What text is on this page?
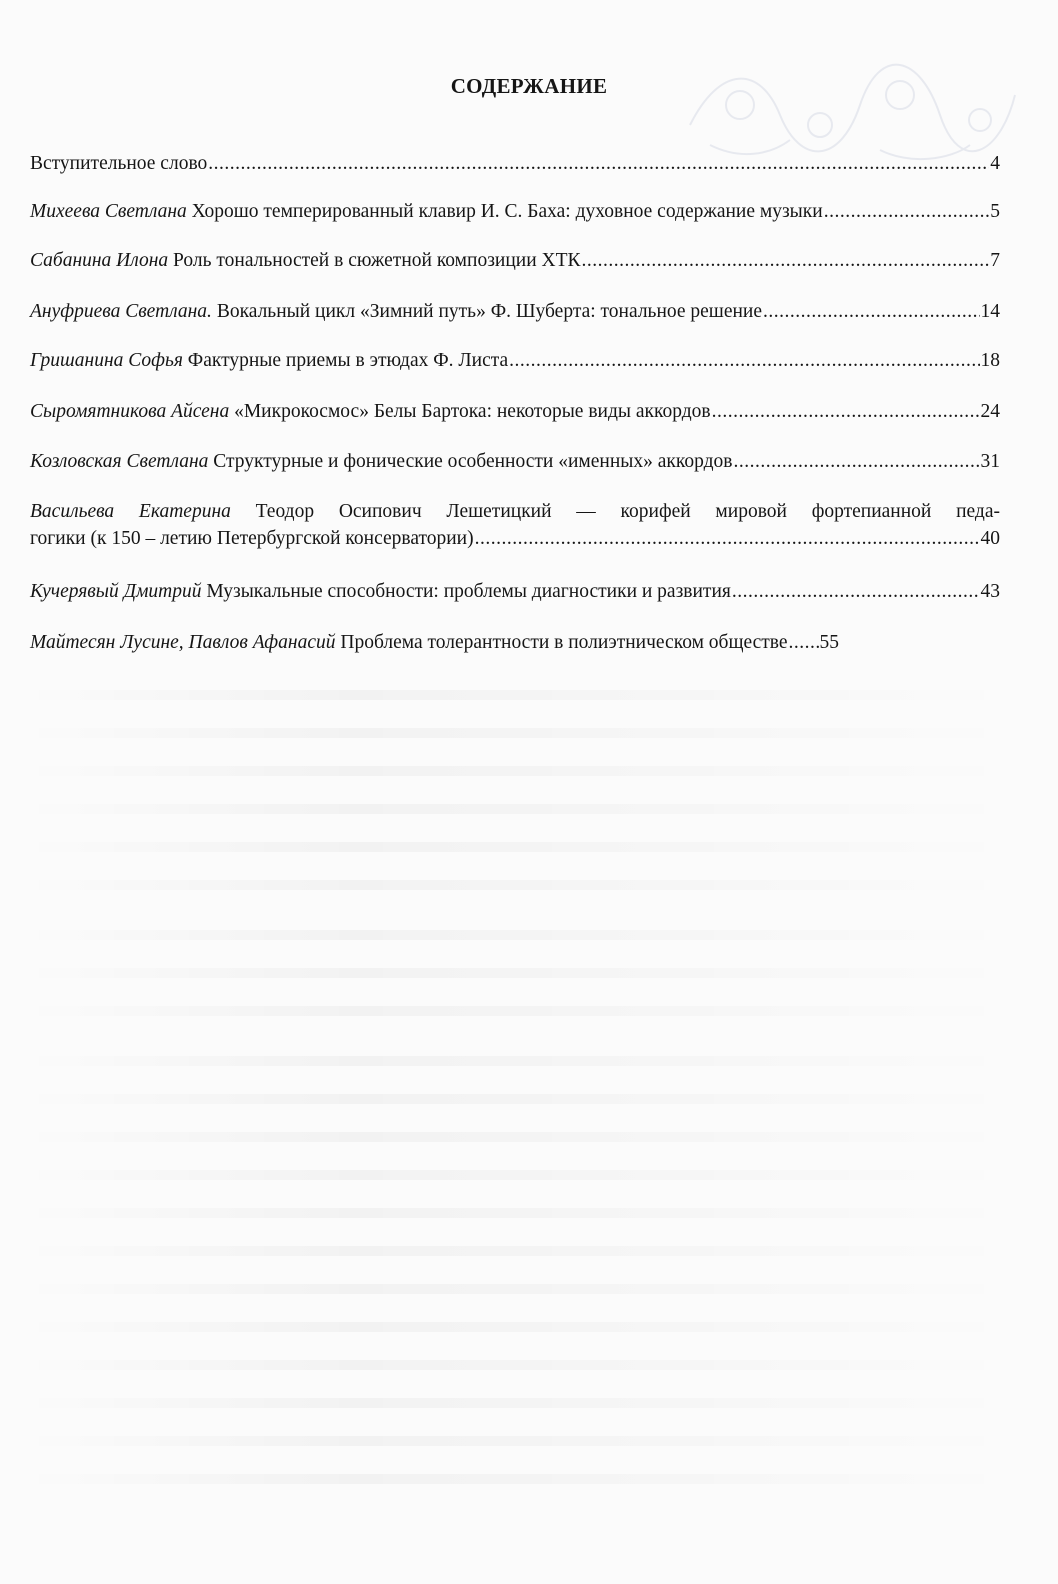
СОДЕРЖАНИЕ
Вступительное слово .....	4
Михеева Светлана
Хорошо темперированный клавир И. С. Баха: духовное содержание музыки .....	5
Сабанина Илона
Роль тональностей в сюжетной композиции ХТК .....	7
Ануфриева Светлана.
Вокальный цикл «Зимний путь» Ф. Шуберта: тональное решение .....	14
Гришанина Софья
Фактурные приемы в этюдах Ф. Листа .....	18
Сыромятникова Айсена
«Микрокосмос» Белы Бартока: некоторые виды аккордов .....	24
Козловская Светлана
Структурные и фонические особенности «именных» аккордов .....	31
Васильева Екатерина Теодор Осипович Лешетицкий — корифей мировой фортепианной педа-
гогики (к 150 – летию Петербургской консерватории) .....	40
Кучерявый Дмитрий
Музыкальные способности: проблемы диагностики и развития .....	43
Майтесян Лусине, Павлов Афанасий
Проблема толерантности в полиэтническом обществе ..... 55
